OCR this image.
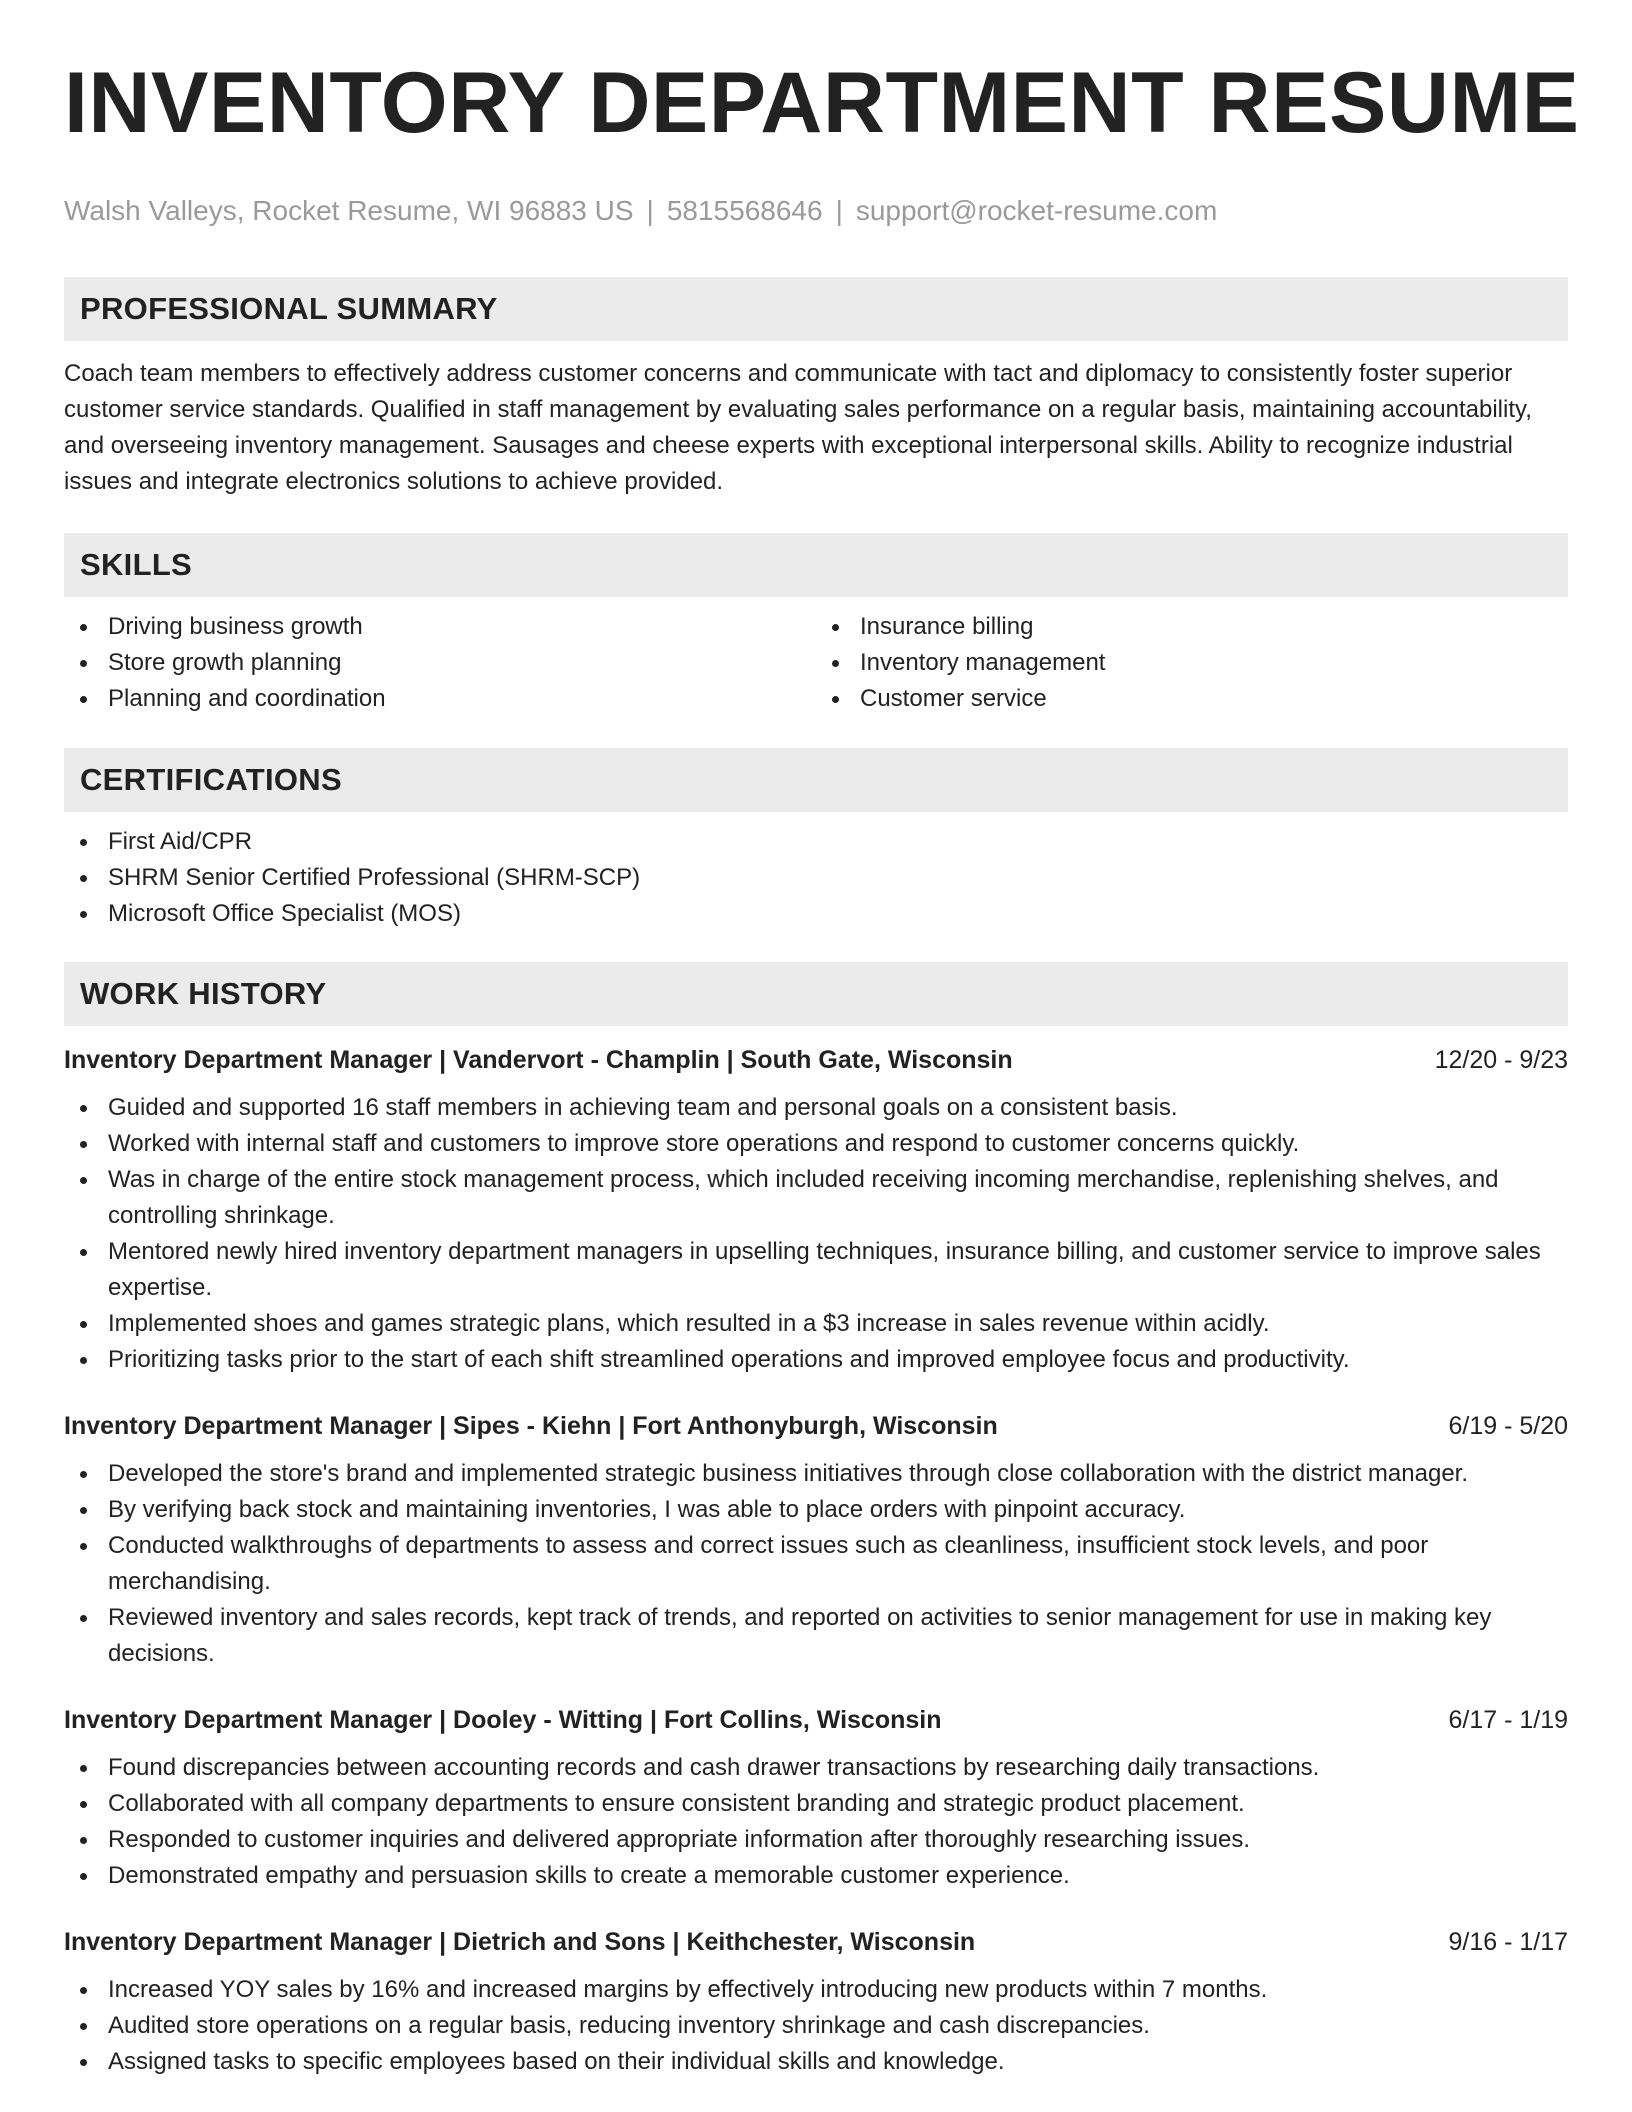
INVENTORY DEPARTMENT RESUME
Walsh Valleys, Rocket Resume, WI 96883 US | 5815568646 | support@rocket-resume.com
PROFESSIONAL SUMMARY

Coach team members to effectively address customer concerns and communicate with tact and diplomacy to consistently foster superior customer service standards. Qualified in staff management by evaluating sales performance on a regular basis, maintaining accountability, and overseeing inventory management. Sausages and cheese experts with exceptional interpersonal skills. Ability to recognize industrial issues and integrate electronics solutions to achieve provided.

SKILLS
Driving business growth
Store growth planning
Planning and coordination
Insurance billing
Inventory management
Customer service
CERTIFICATIONS
First Aid/CPR
SHRM Senior Certified Professional (SHRM-SCP)
Microsoft Office Specialist (MOS)
WORK HISTORY
Inventory Department Manager | Vandervort - Champlin | South Gate, Wisconsin	12/20 - 9/23
Guided and supported 16 staff members in achieving team and personal goals on a consistent basis.
Worked with internal staff and customers to improve store operations and respond to customer concerns quickly.
Was in charge of the entire stock management process, which included receiving incoming merchandise, replenishing shelves, and controlling shrinkage.
Mentored newly hired inventory department managers in upselling techniques, insurance billing, and customer service to improve sales expertise.
Implemented shoes and games strategic plans, which resulted in a $3 increase in sales revenue within acidly.
Prioritizing tasks prior to the start of each shift streamlined operations and improved employee focus and productivity.
Inventory Department Manager | Sipes - Kiehn | Fort Anthonyburgh, Wisconsin	6/19 - 5/20
Developed the store's brand and implemented strategic business initiatives through close collaboration with the district manager.
By verifying back stock and maintaining inventories, I was able to place orders with pinpoint accuracy.
Conducted walkthroughs of departments to assess and correct issues such as cleanliness, insufficient stock levels, and poor merchandising.
Reviewed inventory and sales records, kept track of trends, and reported on activities to senior management for use in making key decisions.
Inventory Department Manager | Dooley - Witting | Fort Collins, Wisconsin	6/17 - 1/19
Found discrepancies between accounting records and cash drawer transactions by researching daily transactions.
Collaborated with all company departments to ensure consistent branding and strategic product placement.
Responded to customer inquiries and delivered appropriate information after thoroughly researching issues.
Demonstrated empathy and persuasion skills to create a memorable customer experience.
Inventory Department Manager | Dietrich and Sons | Keithchester, Wisconsin	9/16 - 1/17
Increased YOY sales by 16% and increased margins by effectively introducing new products within 7 months.
Audited store operations on a regular basis, reducing inventory shrinkage and cash discrepancies.
Assigned tasks to specific employees based on their individual skills and knowledge.
